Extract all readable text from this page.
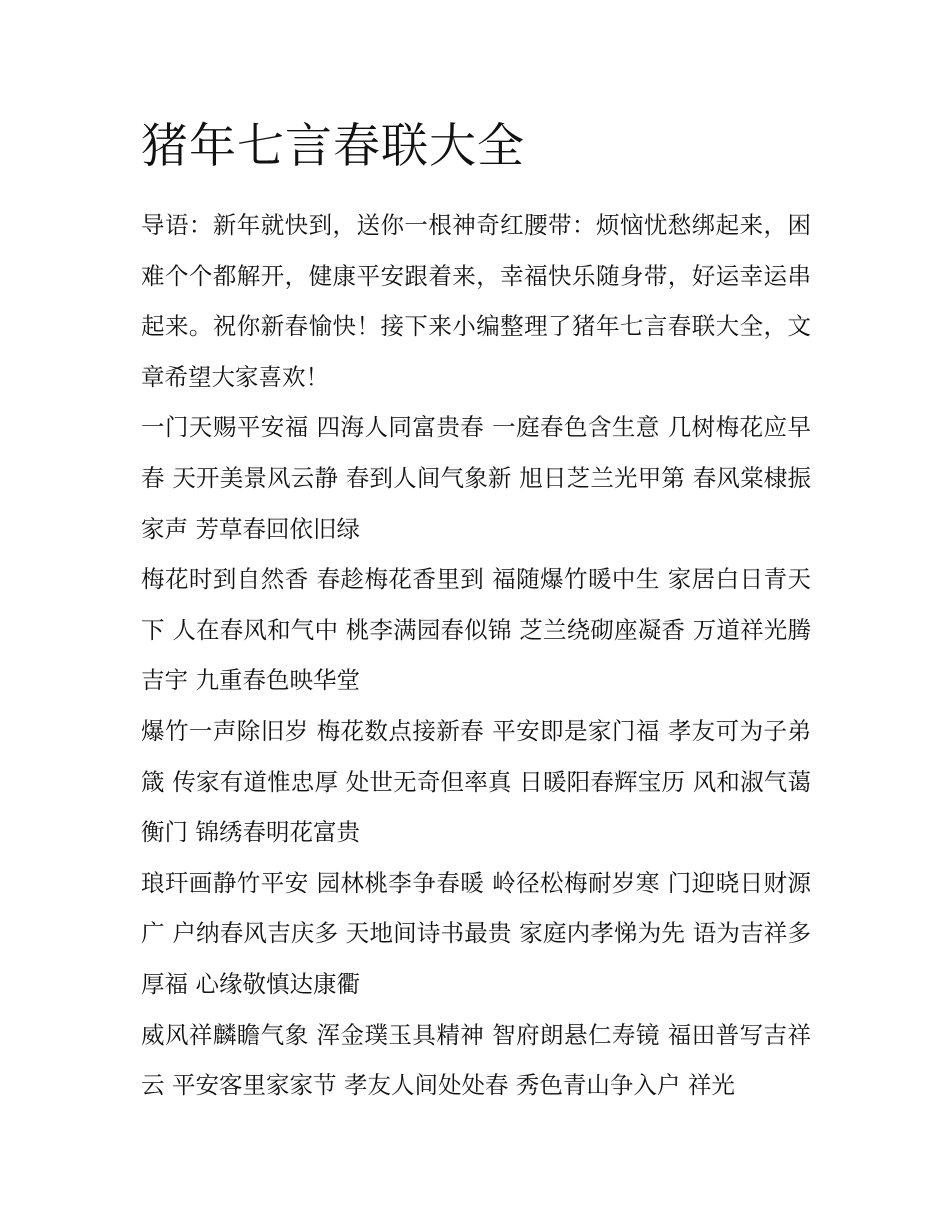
猪年七言春联大全

导语：新年就快到，送你一根神奇红腰带：烦恼忧愁绑起来，困难个个都解开，健康平安跟着来，幸福快乐随身带，好运幸运串起来。祝你新春愉快！接下来小编整理了猪年七言春联大全，文章希望大家喜欢！

一门天赐平安福 四海人同富贵春 一庭春色含生意 几树梅花应早春 天开美景风云静 春到人间气象新 旭日芝兰光甲第 春风棠棣振家声 芳草春回依旧绿

梅花时到自然香 春趁梅花香里到 福随爆竹暖中生 家居白日青天下 人在春风和气中 桃李满园春似锦 芝兰绕砌座凝香 万道祥光腾吉宇 九重春色映华堂

爆竹一声除旧岁 梅花数点接新春 平安即是家门福 孝友可为子弟箴 传家有道惟忠厚 处世无奇但率真 日暖阳春辉宝历 风和淑气蔼衡门 锦绣春明花富贵

琅玕画静竹平安 园林桃李争春暖 岭径松梅耐岁寒 门迎晓日财源广 户纳春风吉庆多 天地间诗书最贵 家庭内孝悌为先 语为吉祥多厚福 心缘敬慎达康衢

威风祥麟瞻气象 浑金璞玉具精神 智府朗悬仁寿镜 福田普写吉祥云 平安客里家家节 孝友人间处处春 秀色青山争入户 祥光
